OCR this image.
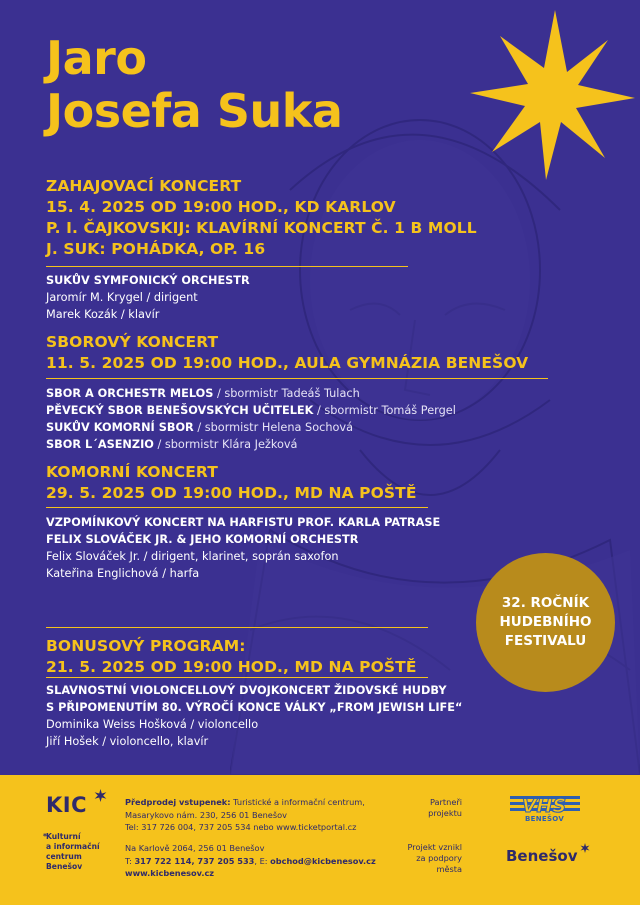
Jaro
Josefa Suka
ZAHAJOVACÍ KONCERT
15. 4. 2025 OD 19:00 HOD., KD KARLOV
P. I. ČAJKOVSKIJ: KLAVÍRNÍ KONCERT Č. 1 B MOLL
J. SUK: POHÁDKA, OP. 16
SUKŮV SYMFONICKÝ ORCHESTR
Jaromír M. Krygel / dirigent
Marek Kozák / klavír
SBOROVÝ KONCERT
11. 5. 2025 OD 19:00 HOD., AULA GYMNÁZIA BENEŠOV
SBOR A ORCHESTR MELOS / sbormistr Tadeáš Tulach
PĚVECKÝ SBOR BENEŠOVSKÝCH UČITELEK / sbormistr Tomáš Pergel
SUKŮV KOMORNÍ SBOR / sbormistr Helena Sochová
SBOR L´ASENZIO / sbormistr Klára Ježková
KOMORNÍ KONCERT
29. 5. 2025 OD 19:00 HOD., MD NA POŠTĚ
VZPOMÍNKOVÝ KONCERT NA HARFISTU PROF. KARLA PATRASE
FELIX SLOVÁČEK JR. & JEHO KOMORNÍ ORCHESTR
Felix Slováček Jr. / dirigent, klarinet, soprán saxofon
Kateřina Englichová / harfa
32. ROČNÍK
HUDEBNÍHO
FESTIVALU
BONUSOVÝ PROGRAM:
21. 5. 2025 OD 19:00 HOD., MD NA POŠTĚ
SLAVNOSTNÍ VIOLONCELLOVÝ DVOJKONCERT ŽIDOVSKÉ HUDBY
S PŘIPOMENUTÍM 80. VÝROČÍ KONCE VÁLKY „FROM JEWISH LIFE“
Dominika Weiss Hošková / violoncello
Jiří Hošek / violoncello, klavír
KIC
* Kulturní
a informační
centrum
Benešov
Předprodej vstupenek: Turistické a informační centrum,
Masarykovo nám. 230, 256 01 Benešov
Tel: 317 726 004, 737 205 534 nebo www.ticketportal.cz
Na Karlově 2064, 256 01 Benešov
T: 317 722 114, 737 205 533, E: obchod@kicbenesov.cz
www.kicbenesov.cz
Partneři
projektu	VHS
BENEŠOV
Projekt vznikl
za podpory
města
Benešov
